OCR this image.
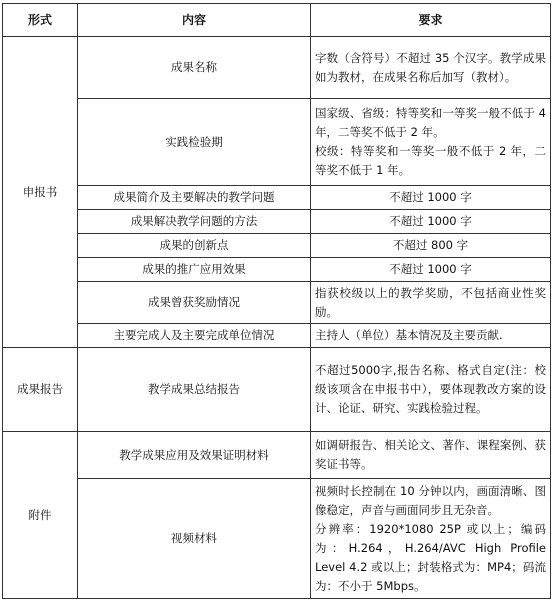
形式	内容	要求
申报书	成果名称	字数（含符号）不超过 35 个汉字。教学成果如为教材，在成果名称后加写（教材）。

	实践检验期	国家级、省级：特等奖和一等奖一般不低于 4 年，二等奖不低于 2 年。
校级：特等奖和一等奖一般不低于 2 年，二等奖不低于 1 年。

	成果简介及主要解决的教学问题	不超过 1000 字

	成果解决教学问题的方法	不超过 1000 字

	成果的创新点	不超过 800 字

	成果的推广应用效果	不超过 1000 字

	成果曾获奖励情况	指获校级以上的教学奖励，不包括商业性奖励。

	主要完成人及主要完成单位情况	主持人（单位）基本情况及主要贡献.

成果报告	教学成果总结报告	不超过5000字,报告名称、格式自定(注：校级该项含在申报书中），要体现教改方案的设计、论证、研究、实践检验过程。

附件	教学成果应用及效果证明材料	如调研报告、相关论文、著作、课程案例、获奖证书等。

	视频材料	视频时长控制在 10 分钟以内，画面清晰、图像稳定，声音与画面同步且无杂音。
分辨率：1920*1080 25P 或以上；编码为：H.264，H.264/AVC High Profile Level 4.2 或以上；封装格式为：MP4；码流为：不小于 5Mbps。
